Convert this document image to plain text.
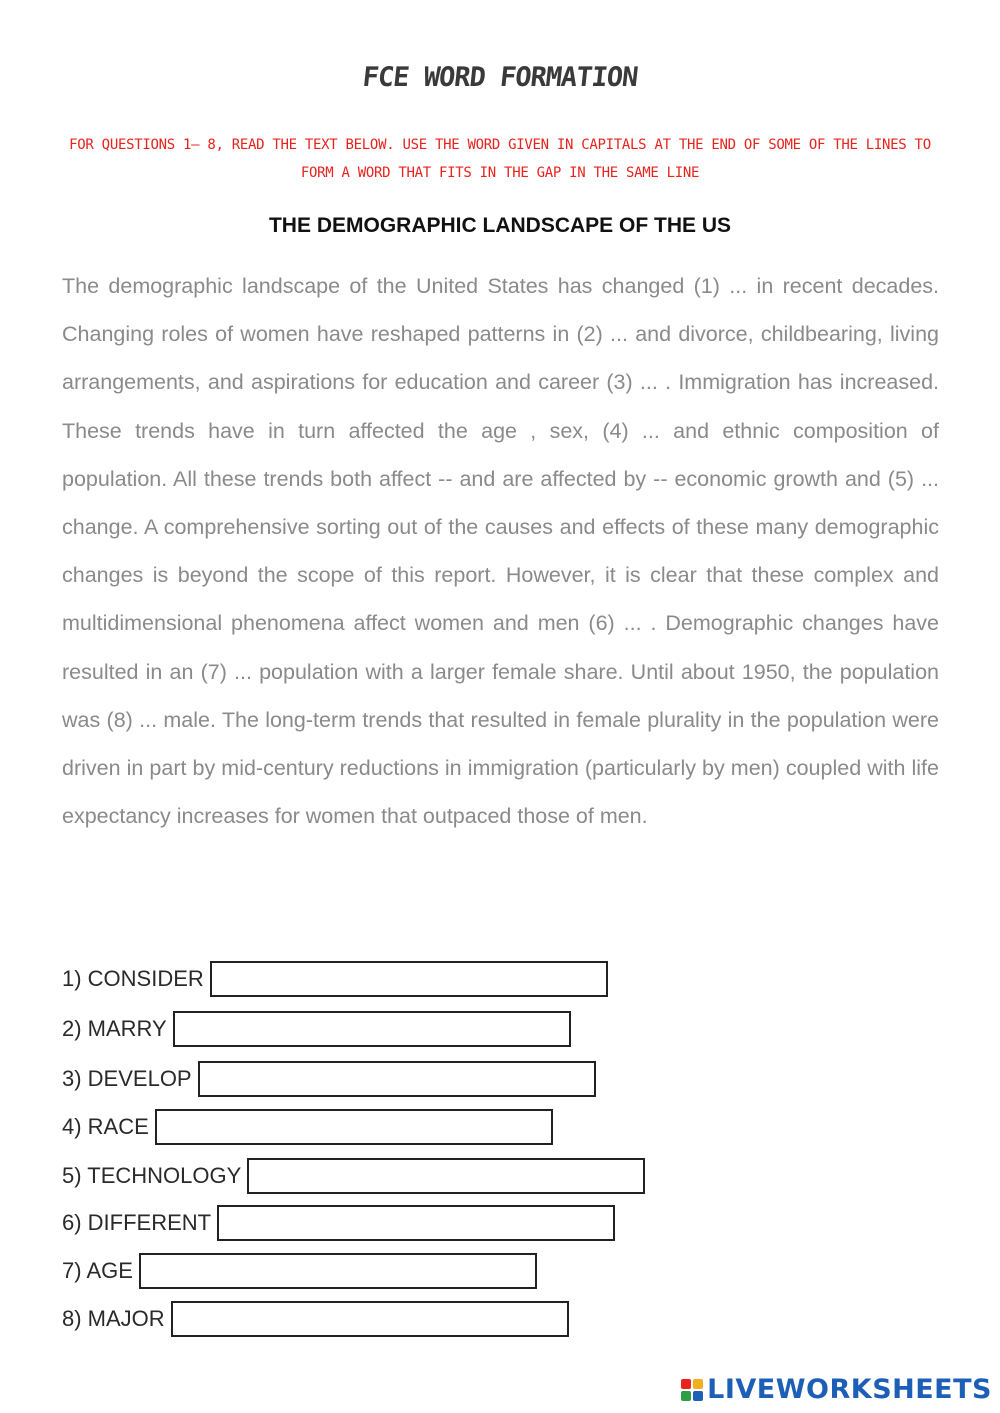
FCE WORD FORMATION
FOR QUESTIONS 1– 8, READ THE TEXT BELOW. USE THE WORD GIVEN IN CAPITALS AT THE END OF SOME OF THE LINES TO FORM A WORD THAT FITS IN THE GAP IN THE SAME LINE
THE DEMOGRAPHIC LANDSCAPE OF THE US

The demographic landscape of the United States has changed (1) ... in recent decades. Changing roles of women have reshaped patterns in (2) ... and divorce, childbearing, living arrangements, and aspirations for education and career (3) ... . Immigration has increased. These trends have in turn affected the age , sex, (4) ... and ethnic composition of population. All these trends both affect -- and are affected by -- economic growth and (5) ... change. A comprehensive sorting out of the causes and effects of these many demographic changes is beyond the scope of this report. However, it is clear that these complex and multidimensional phenomena affect women and men (6) ... . Demographic changes have resulted in an (7) ... population with a larger female share. Until about 1950, the population was (8) ... male. The long-term trends that resulted in female plurality in the population were driven in part by mid-century reductions in immigration (particularly by men) coupled with life expectancy increases for women that outpaced those of men.

1) CONSIDER
2) MARRY
3) DEVELOP
4) RACE
5) TECHNOLOGY
6) DIFFERENT
7) AGE
8) MAJOR
LIVEWORKSHEETS
